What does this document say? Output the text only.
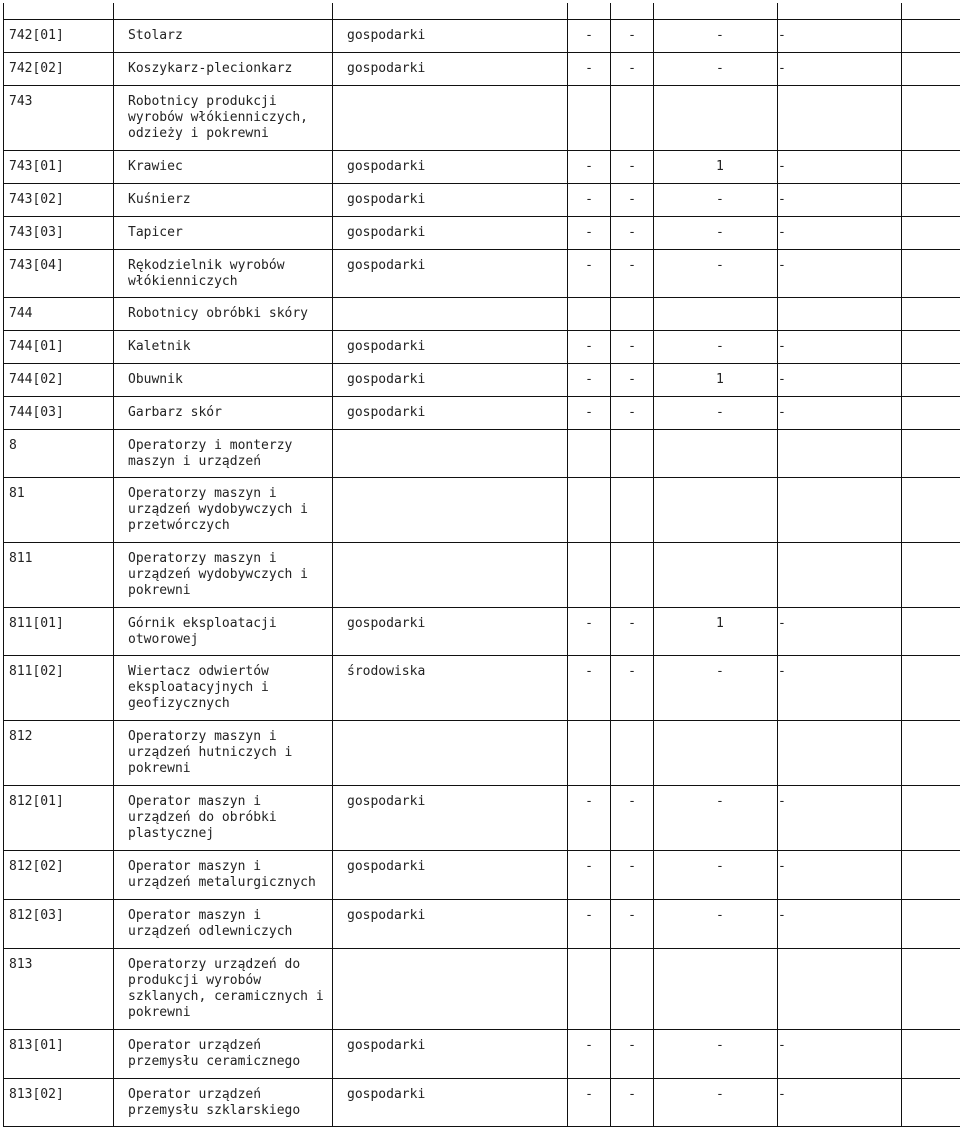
742[01]	Stolarz	gospodarki	-	-	-	-	
742[02]	Koszykarz-plecionkarz	gospodarki	-	-	-	-	
743	Robotnicy produkcji wyrobów włókienniczych, odzieży i pokrewni						
743[01]	Krawiec	gospodarki	-	-	1	-	
743[02]	Kuśnierz	gospodarki	-	-	-	-	
743[03]	Tapicer	gospodarki	-	-	-	-	
743[04]	Rękodzielnik wyrobów włókienniczych	gospodarki	-	-	-	-	
744	Robotnicy obróbki skóry						
744[01]	Kaletnik	gospodarki	-	-	-	-	
744[02]	Obuwnik	gospodarki	-	-	1	-	
744[03]	Garbarz skór	gospodarki	-	-	-	-	
8	Operatorzy i monterzy maszyn i urządzeń						
81	Operatorzy maszyn i urządzeń wydobywczych i przetwórczych						
811	Operatorzy maszyn i urządzeń wydobywczych i pokrewni						
811[01]	Górnik eksploatacji otworowej	gospodarki	-	-	1	-	
811[02]	Wiertacz odwiertów eksploatacyjnych i geofizycznych	środowiska	-	-	-	-	
812	Operatorzy maszyn i urządzeń hutniczych i pokrewni						
812[01]	Operator maszyn i urządzeń do obróbki plastycznej	gospodarki	-	-	-	-	
812[02]	Operator maszyn i urządzeń metalurgicznych	gospodarki	-	-	-	-	
812[03]	Operator maszyn i urządzeń odlewniczych	gospodarki	-	-	-	-	
813	Operatorzy urządzeń do produkcji wyrobów szklanych, ceramicznych i pokrewni						
813[01]	Operator urządzeń przemysłu ceramicznego	gospodarki	-	-	-	-	
813[02]	Operator urządzeń przemysłu szklarskiego	gospodarki	-	-	-	-	
